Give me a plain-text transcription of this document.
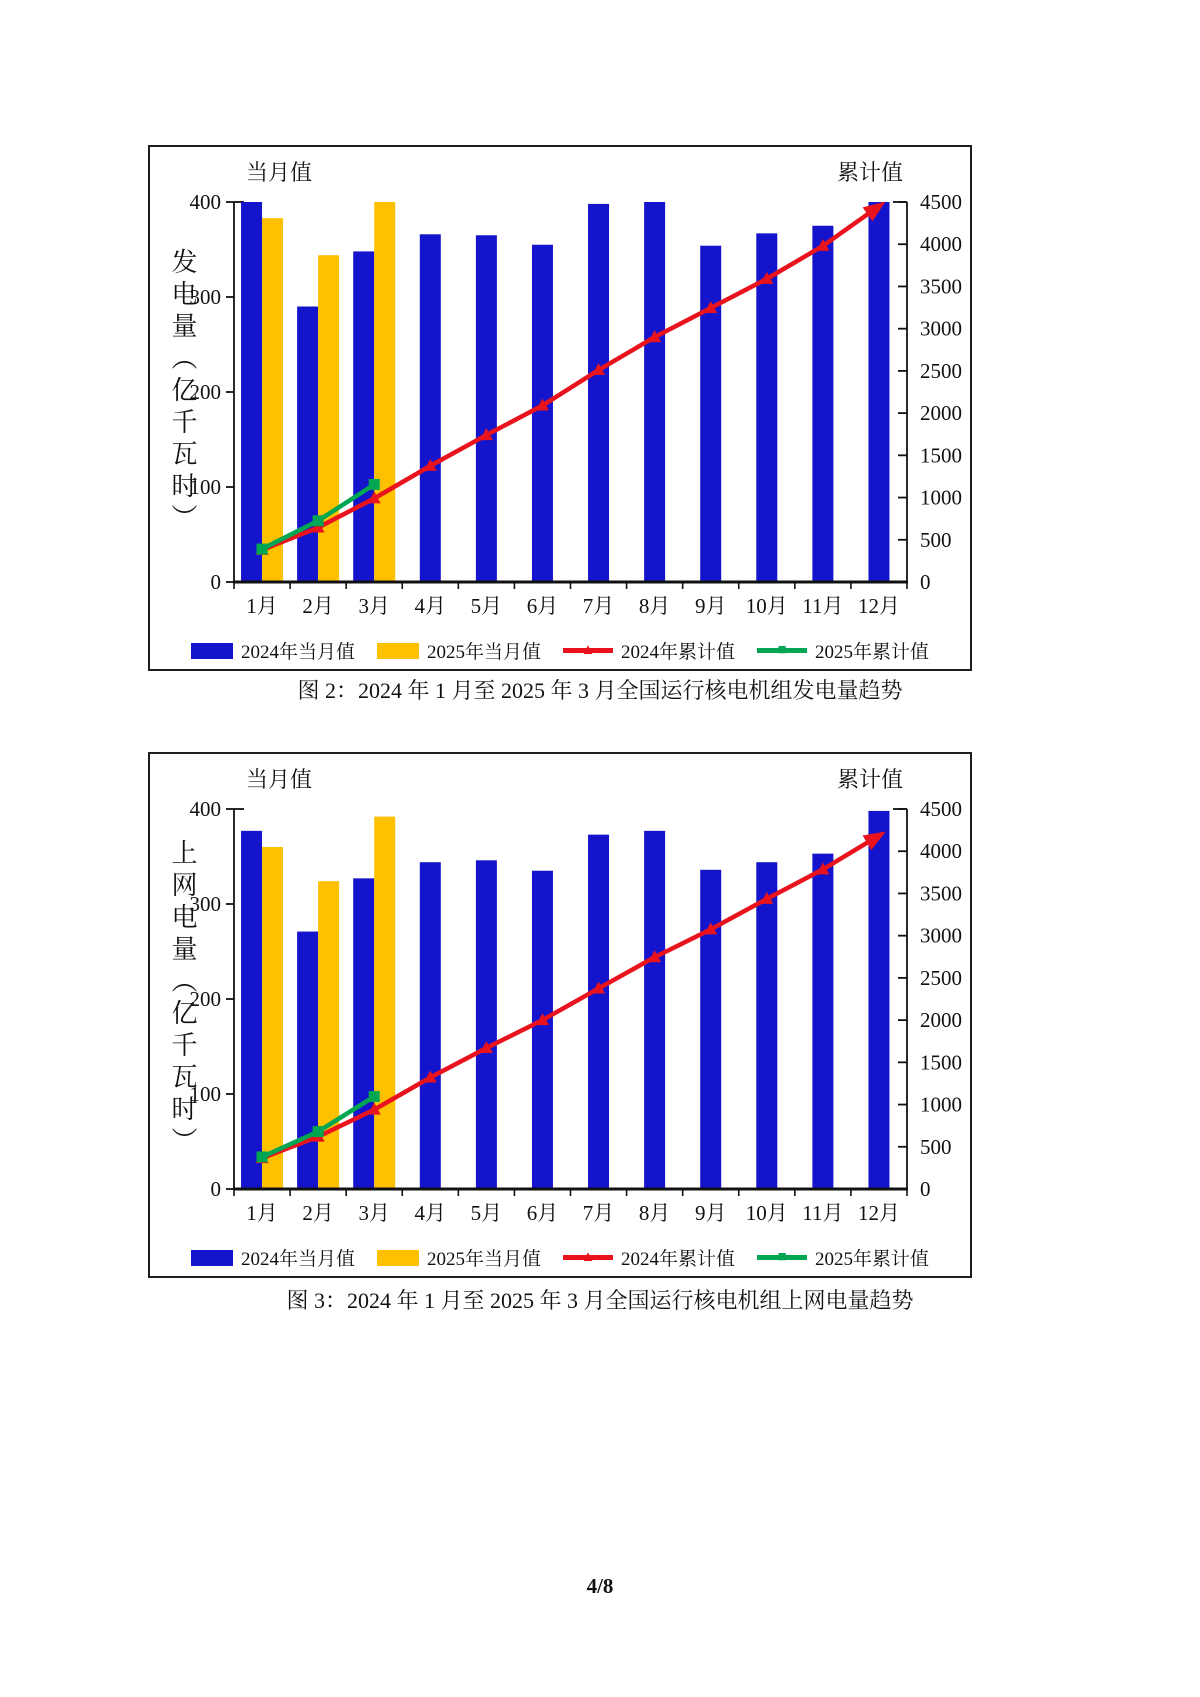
发电量（亿千瓦时）
当月值	累计值
0
100
200
300
400
0
500
1000
1500
2000
2500
3000
3500
4000
4500
1月 2月 3月 4月 5月 6月 7月 8月 9月 10月 11月 12月
2024年当月值	2025年当月值	▲ 2024年累计值	■ 2025年累计值
图 2：2024 年 1 月至 2025 年 3 月全国运行核电机组发电量趋势
上网电量（亿千瓦时）
当月值	累计值
0
100
200
300
400
0
500
1000
1500
2000
2500
3000
3500
4000
4500
1月 2月 3月 4月 5月 6月 7月 8月 9月 10月 11月 12月
2024年当月值	2025年当月值	▲ 2024年累计值	■ 2025年累计值
图 3：2024 年 1 月至 2025 年 3 月全国运行核电机组上网电量趋势
4/8
